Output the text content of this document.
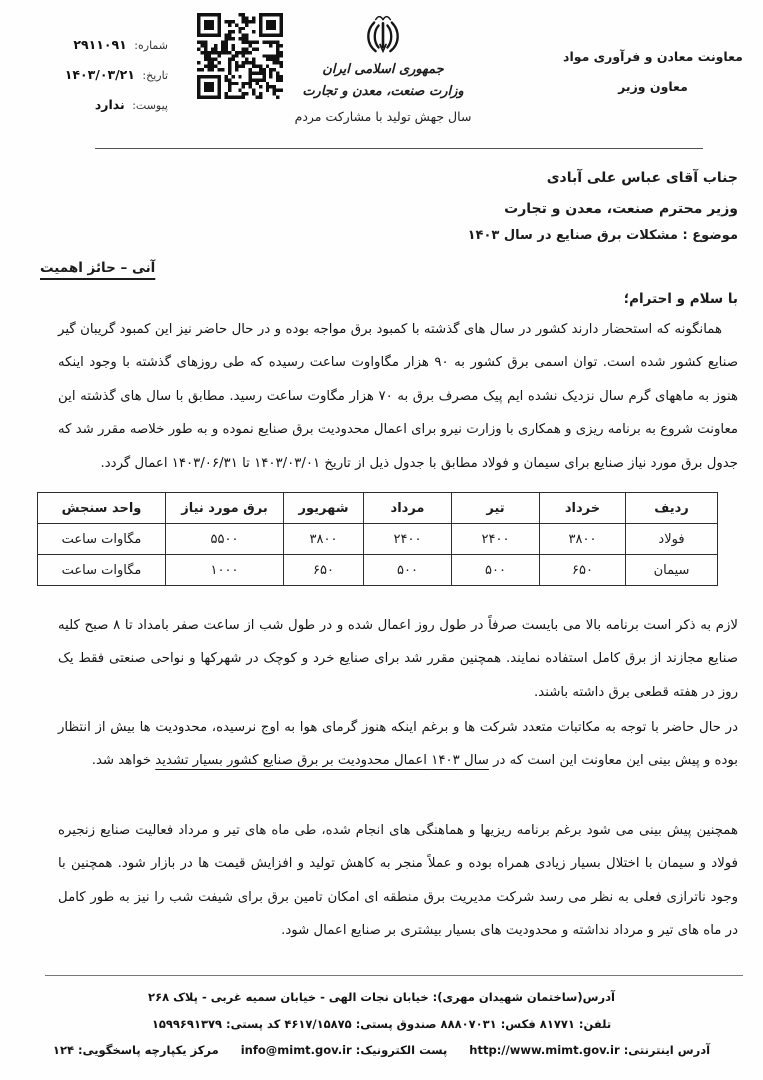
شماره: ۲۹۱۱۰۹۱
تاریخ: ۱۴۰۳/۰۳/۲۱
پیوست: ندارد
جمهوری اسلامی ایران
وزارت صنعت، معدن و تجارت
سال جهش تولید با مشارکت مردم
معاونت معادن و فرآوری مواد
معاون وزیر
جناب آقای عباس علی آبادی
وزیر محترم صنعت، معدن و تجارت
موضوع : مشکلات برق صنایع در سال ۱۴۰۳
آنی – حائز اهمیت
با سلام و احترام؛

همانگونه که استحضار دارند کشور در سال های گذشته با کمبود برق مواجه بوده و در حال حاضر نیز این کمبود گریبان گیر صنایع کشور شده است. توان اسمی برق کشور به ۹۰ هزار مگاواوت ساعت رسیده که طی روزهای گذشته با وجود اینکه هنوز به ماههای گرم سال نزدیک نشده ایم پیک مصرف برق به ۷۰ هزار مگاوت ساعت رسید. مطابق با سال های گذشته این معاونت شروع به برنامه ریزی و همکاری با وزارت نیرو برای اعمال محدودیت برق صنایع نموده و به طور خلاصه مقرر شد که جدول برق مورد نیاز صنایع برای سیمان و فولاد مطابق با جدول ذیل از تاریخ ۱۴۰۳/۰۳/۰۱ تا ۱۴۰۳/۰۶/۳۱ اعمال گردد.

ردیف	خرداد	تیر	مرداد	شهریور	برق مورد نیاز	واحد سنجش
فولاد	۳۸۰۰	۲۴۰۰	۲۴۰۰	۳۸۰۰	۵۵۰۰	مگاوات ساعت
سیمان	۶۵۰	۵۰۰	۵۰۰	۶۵۰	۱۰۰۰	مگاوات ساعت

لازم به ذکر است برنامه بالا می بایست صرفاً در طول روز اعمال شده و در طول شب از ساعت صفر بامداد تا ۸ صبح کلیه صنایع مجازند از برق کامل استفاده نمایند. همچنین مقرر شد برای صنایع خرد و کوچک در شهرکها و نواحی صنعتی فقط یک روز در هفته قطعی برق داشته باشند.

در حال حاضر با توجه به مکاتبات متعدد شرکت ها و برغم اینکه هنوز گرمای هوا به اوج نرسیده، محدودیت ها بیش از انتظار بوده و پیش بینی این معاونت این است که در سال ۱۴۰۳ اعمال محدودیت بر برق صنایع کشور بسیار تشدید خواهد شد.

همچنین پیش بینی می شود برغم برنامه ریزیها و هماهنگی های انجام شده، طی ماه های تیر و مرداد فعالیت صنایع زنجیره فولاد و سیمان با اختلال بسیار زیادی همراه بوده و عملاً منجر به کاهش تولید و افزایش قیمت ها در بازار شود. همچنین با وجود ناترازی فعلی به نظر می رسد شرکت مدیریت برق منطقه ای امکان تامین برق برای شیفت شب را نیز به طور کامل در ماه های تیر و مرداد نداشته و محدودیت های بسیار بیشتری بر صنایع اعمال شود.

آدرس(ساختمان شهیدان مهری): خیابان نجات الهی - خیابان سمیه غربی - پلاک ۲۶۸
تلفن: ۸۱۷۷۱ فکس: ۸۸۸۰۷۰۳۱ صندوق پستی: ۴۶۱۷/۱۵۸۷۵ کد پستی: ۱۵۹۹۶۹۱۳۷۹
آدرس اینترنتی: http://www.mimt.gov.ir  پست الکترونیک: info@mimt.gov.ir  مرکز یکپارچه پاسخگویی: ۱۲۴
